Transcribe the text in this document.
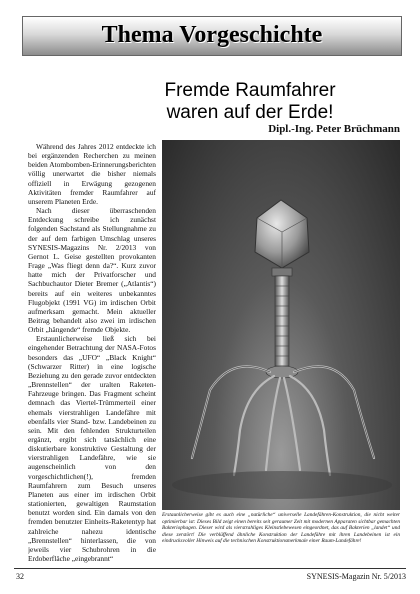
Thema Vorgeschichte
Fremde Raumfahrer
waren auf der Erde!
Dipl.-Ing. Peter Brüchmann

Während des Jahres 2012 entdeckte ich bei ergänzenden Recherchen zu meinen beiden Atombomben-Erinnerungsberichten völlig unerwartet die bisher niemals offiziell in Erwägung gezogenen Aktivitäten fremder Raumfahrer auf unserem Planeten Erde.

Nach dieser überraschenden Entdeckung schreibe ich zunächst folgenden Sachstand als Stellungnahme zu der auf dem farbigen Umschlag unseres SYNESIS-Magazins Nr. 2/2013 von Gernot L. Geise gestellten provokanten Frage „Was fliegt denn da?“. Kurz zuvor hatte mich der Privatforscher und Sachbuchautor Dieter Bremer („Atlantis“) bereits auf ein weiteres unbekanntes Flugobjekt (1991 VG) im irdischen Orbit aufmerksam gemacht. Mein aktueller Beitrag behandelt also zwei im irdischen Orbit „hängende“ fremde Objekte.

Erstaunlicherweise ließ sich bei eingehender Betrachtung der NASA-Fotos besonders das „UFO“ „Black Knight“ (Schwarzer Ritter) in eine logische Beziehung zu den gerade zuvor entdeckten „Brennstellen“ der uralten Raketen-Fahrzeuge bringen. Das Fragment scheint demnach das Viertel-Trümmerteil einer ehemals vierstrahligen Landefähre mit ebenfalls vier Stand- bzw. Landebeinen zu sein. Mit den fehlenden Strukturteilen ergänzt, ergibt sich tatsächlich eine diskutierbare konstruktive Gestaltung der vierstrahligen Landefähre, wie sie augenscheinlich von den vorgeschichtlichen(!), fremden Raumfahrern zum Besuch unseres Planeten aus einer im irdischen Orbit stationierten, gewaltigen Raumstation benutzt worden sind. Ein damals von den fremden benutzter Einheits-Raketentyp hat zahlreiche nahezu identische „Brennstellen“ hinterlassen, die von jeweils vier Schubrohren in die Erdoberfläche „eingebrannt“

Erstaunlicherweise gibt es auch eine „natürliche“ universelle Landefähren-Konstruktion, die nicht weiter optimierbar ist: Dieses Bild zeigt einen bereits seit geraumer Zeit mit modernen Apparaten sichtbar gemachten Bakteriophagen. Dieser wird als vierstrahliges Kleinstlebewesen eingeordnet, das auf Bakterien „landet“ und diese zerstört! Die verblüffend ähnliche Konstruktion der Landefähre mit ihren Landebeinen ist ein eindrucksvoller Hinweis auf die technischen Konstruktionsmerkmale einer Raum-Landefähre!
32	SYNESIS-Magazin Nr. 5/2013
